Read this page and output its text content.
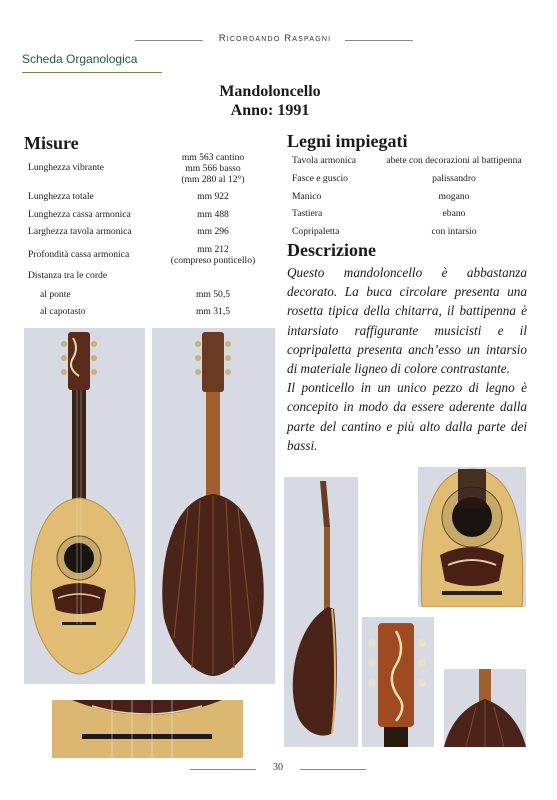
Ricordando Raspagni
Scheda Organologica
Mandoloncello
Anno: 1991
Misure
Lunghezza vibrante
mm 563 cantino
mm 566 basso
(mm 280 al 12°)
Lunghezza totale	mm 922
Lunghezza cassa armonica	mm 488
Larghezza tavola armonica	mm 296
Profondità cassa armonica	mm 212
(compreso ponticello)
Distanza tra le corde
al ponte	mm 50,5
al capotasto	mm 31,5
Legni impiegati
Tavola armonica	abete con decorazioni al battipenna
Fasce e guscio	palissandro
Manico	mogano
Tastiera	ebano
Copripaletta	con intarsio
Descrizione

Questo mandoloncello è abbastanza decorato. La buca circolare presenta una rosetta tipica della chitarra, il battipenna è intarsiato raffigurante musicisti e il copripaletta presenta anch’esso un intarsio di materiale ligneo di colore contrastante.

Il ponticello in un unico pezzo di legno è concepito in modo da essere aderente dalla parte del cantino e più alto dalla parte dei bassi.

30
